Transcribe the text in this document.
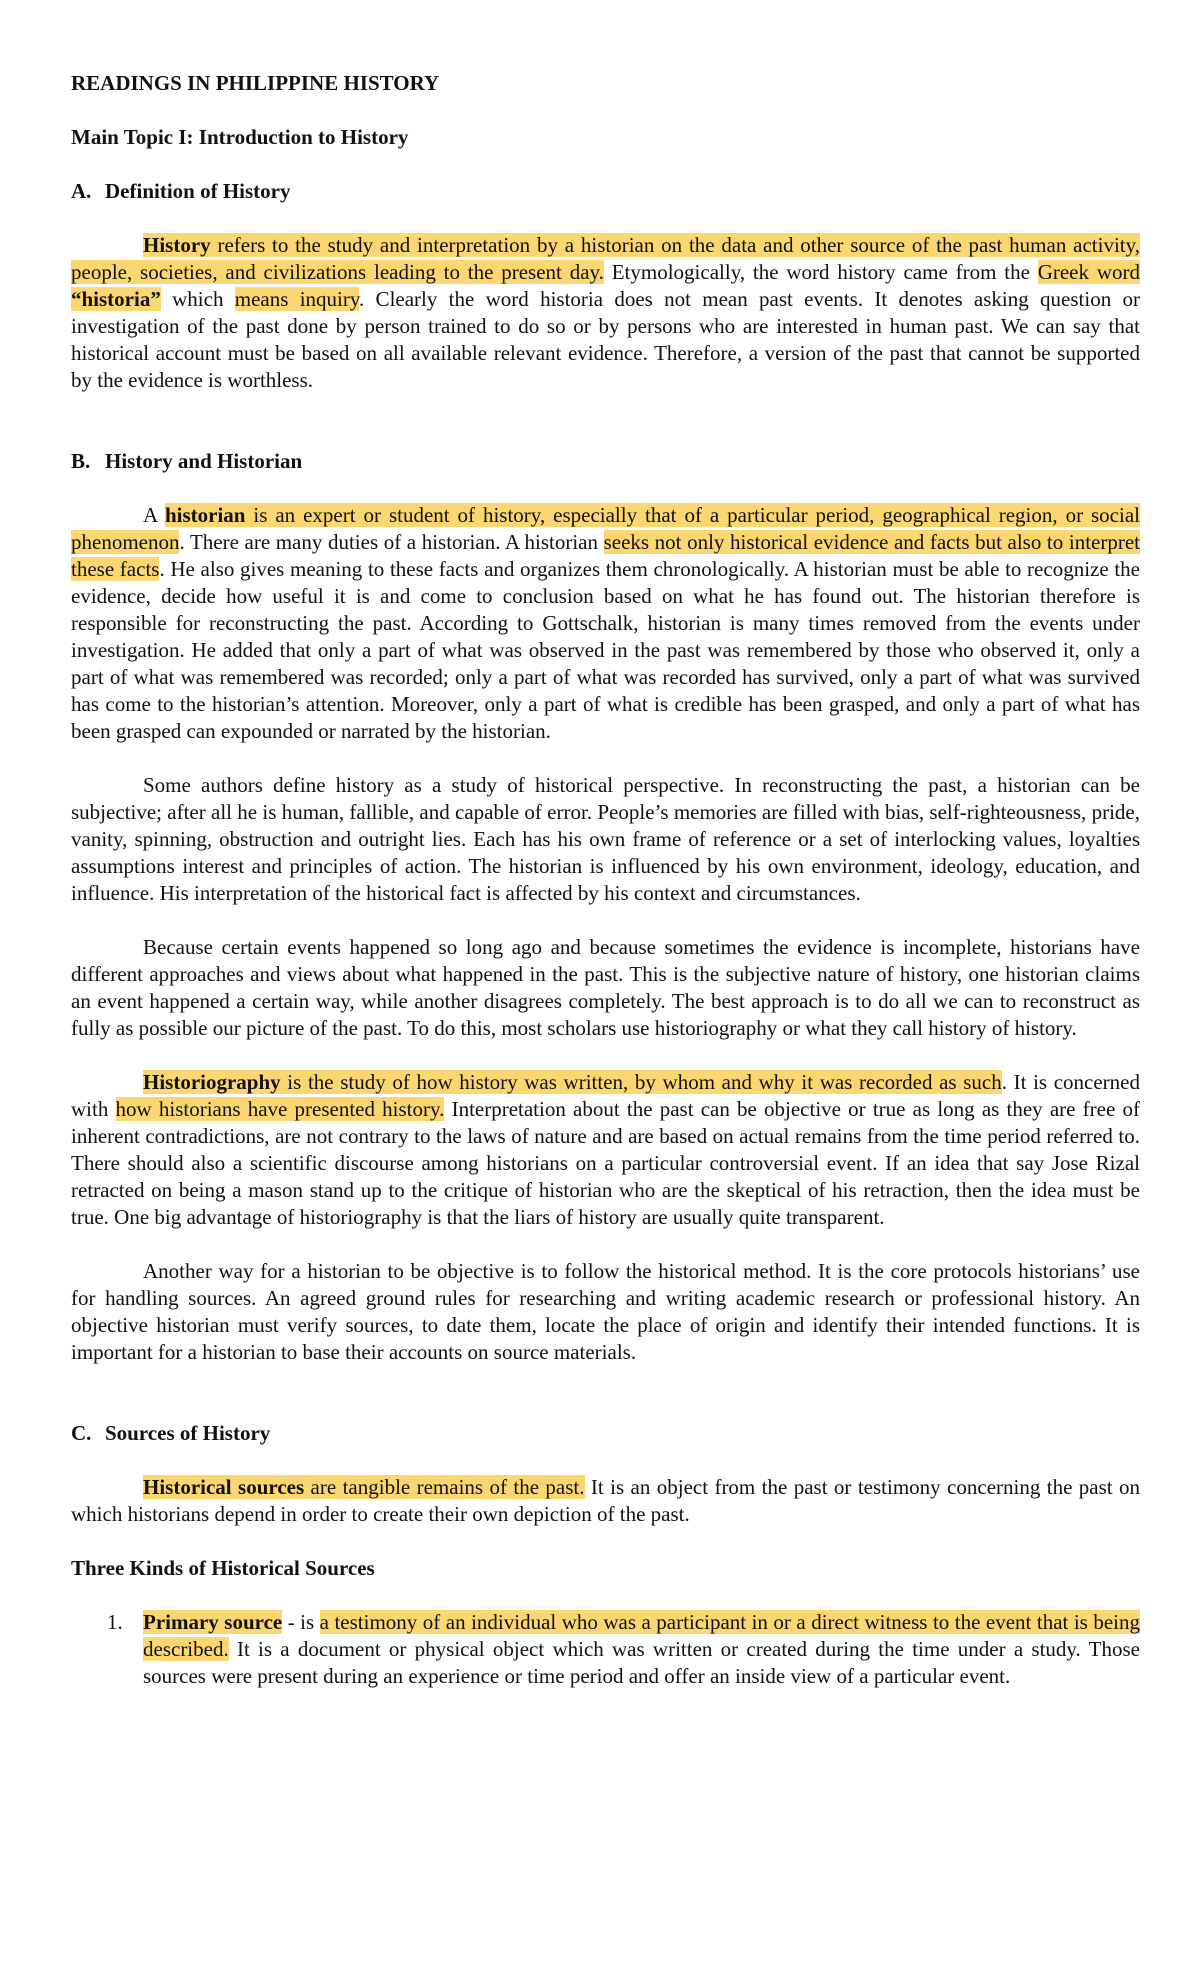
READINGS IN PHILIPPINE HISTORY

Main Topic I: Introduction to History

A. Definition of History

History refers to the study and interpretation by a historian on the data and other source of the past human activity, people, societies, and civilizations leading to the present day. Etymologically, the word history came from the Greek word “historia” which means inquiry. Clearly the word historia does not mean past events. It denotes asking question or investigation of the past done by person trained to do so or by persons who are interested in human past. We can say that historical account must be based on all available relevant evidence. Therefore, a version of the past that cannot be supported by the evidence is worthless.

B. History and Historian

A historian is an expert or student of history, especially that of a particular period, geographical region, or social phenomenon. There are many duties of a historian. A historian seeks not only historical evidence and facts but also to interpret these facts. He also gives meaning to these facts and organizes them chronologically. A historian must be able to recognize the evidence, decide how useful it is and come to conclusion based on what he has found out. The historian therefore is responsible for reconstructing the past. According to Gottschalk, historian is many times removed from the events under investigation. He added that only a part of what was observed in the past was remembered by those who observed it, only a part of what was remembered was recorded; only a part of what was recorded has survived, only a part of what was survived has come to the historian’s attention. Moreover, only a part of what is credible has been grasped, and only a part of what has been grasped can expounded or narrated by the historian.

Some authors define history as a study of historical perspective. In reconstructing the past, a historian can be subjective; after all he is human, fallible, and capable of error. People’s memories are filled with bias, self-righteousness, pride, vanity, spinning, obstruction and outright lies. Each has his own frame of reference or a set of interlocking values, loyalties assumptions interest and principles of action. The historian is influenced by his own environment, ideology, education, and influence. His interpretation of the historical fact is affected by his context and circumstances.

Because certain events happened so long ago and because sometimes the evidence is incomplete, historians have different approaches and views about what happened in the past. This is the subjective nature of history, one historian claims an event happened a certain way, while another disagrees completely. The best approach is to do all we can to reconstruct as fully as possible our picture of the past. To do this, most scholars use historiography or what they call history of history.

Historiography is the study of how history was written, by whom and why it was recorded as such. It is concerned with how historians have presented history. Interpretation about the past can be objective or true as long as they are free of inherent contradictions, are not contrary to the laws of nature and are based on actual remains from the time period referred to. There should also a scientific discourse among historians on a particular controversial event. If an idea that say Jose Rizal retracted on being a mason stand up to the critique of historian who are the skeptical of his retraction, then the idea must be true. One big advantage of historiography is that the liars of history are usually quite transparent.

Another way for a historian to be objective is to follow the historical method. It is the core protocols historians’ use for handling sources. An agreed ground rules for researching and writing academic research or professional history. An objective historian must verify sources, to date them, locate the place of origin and identify their intended functions. It is important for a historian to base their accounts on source materials.

C. Sources of History

Historical sources are tangible remains of the past. It is an object from the past or testimony concerning the past on which historians depend in order to create their own depiction of the past.

Three Kinds of Historical Sources

1. Primary source - is a testimony of an individual who was a participant in or a direct witness to the event that is being described. It is a document or physical object which was written or created during the time under a study. Those sources were present during an experience or time period and offer an inside view of a particular event.
